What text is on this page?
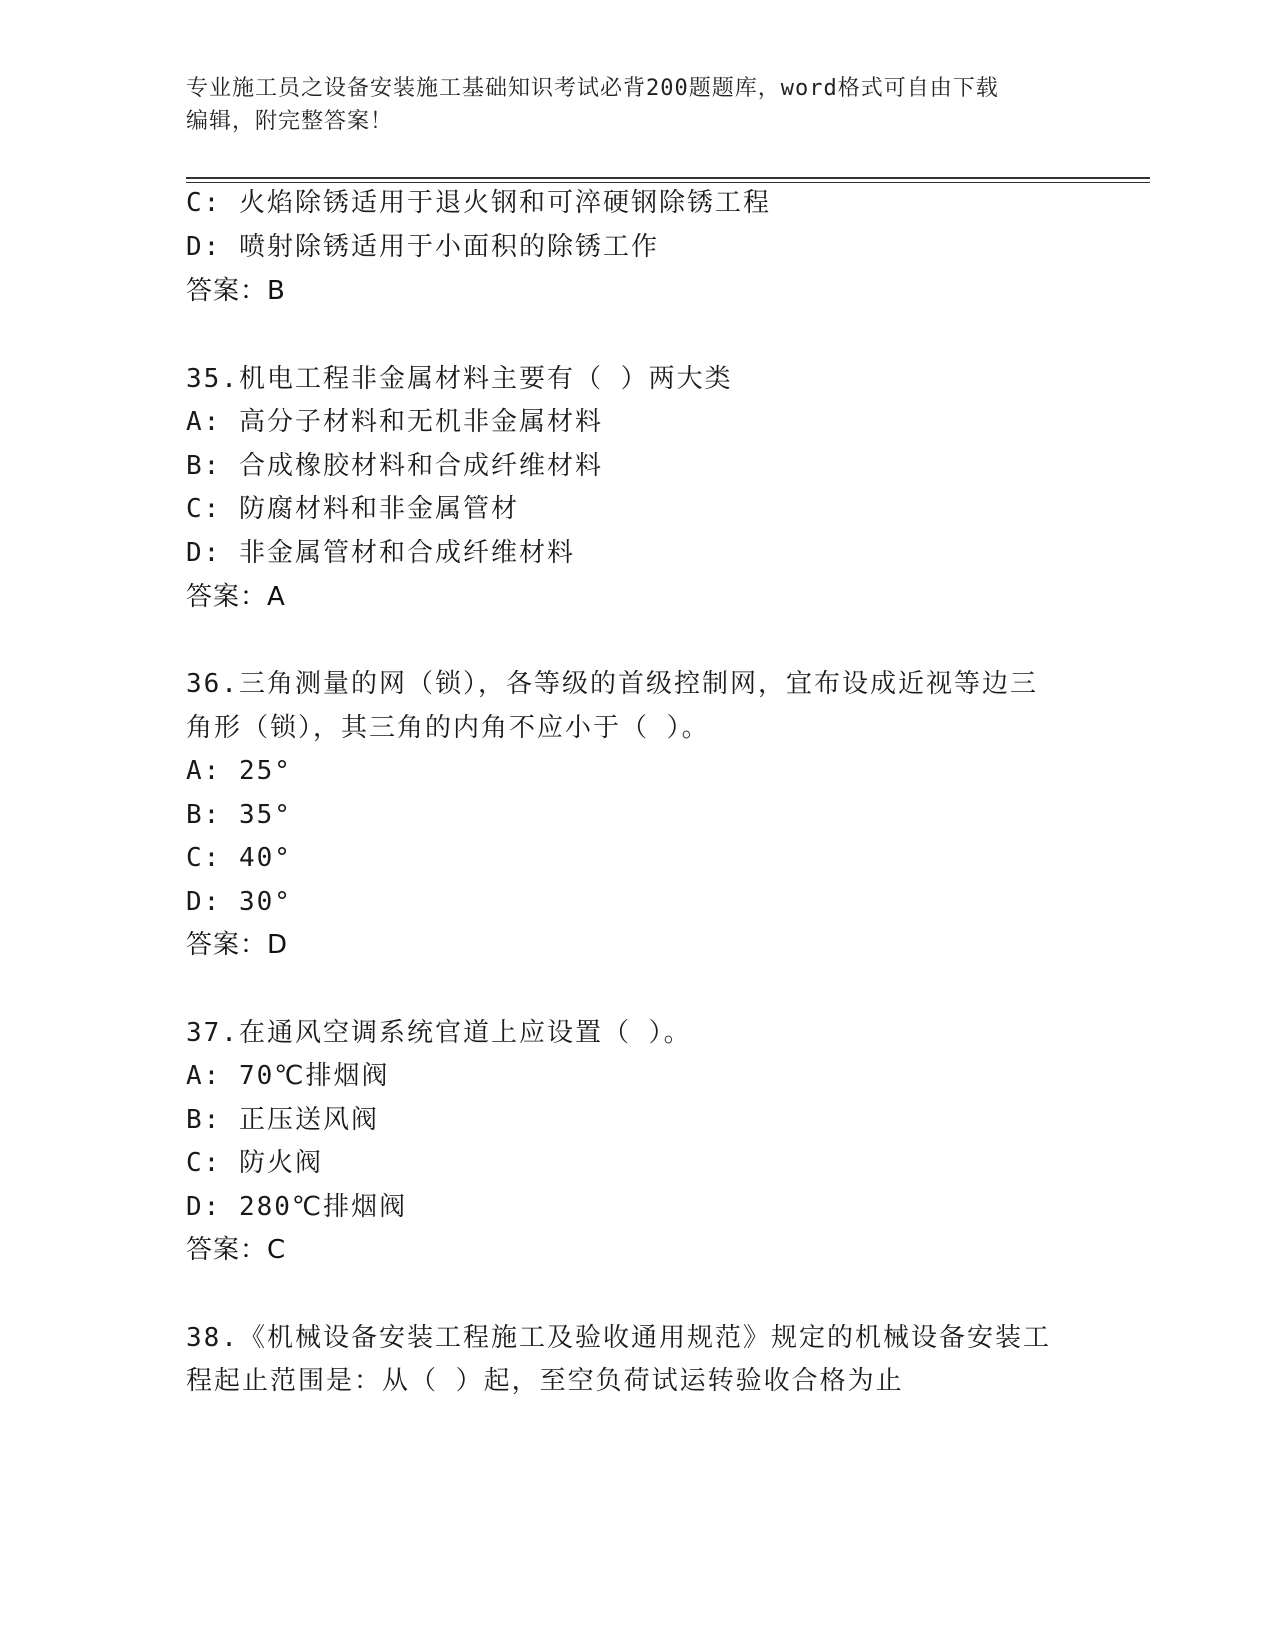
专业施工员之设备安装施工基础知识考试必背200题题库，word格式可自由下载
编辑，附完整答案！
C: 火焰除锈适用于退火钢和可淬硬钢除锈工程
D: 喷射除锈适用于小面积的除锈工作
答案：B
35.机电工程非金属材料主要有（ ）两大类
A: 高分子材料和无机非金属材料
B: 合成橡胶材料和合成纤维材料
C: 防腐材料和非金属管材
D: 非金属管材和合成纤维材料
答案：A
36.三角测量的网（锁），各等级的首级控制网，宜布设成近视等边三
角形（锁），其三角的内角不应小于（ ）。
A: 25°
B: 35°
C: 40°
D: 30°
答案：D
37.在通风空调系统官道上应设置（ ）。
A: 70℃排烟阀
B: 正压送风阀
C: 防火阀
D: 280℃排烟阀
答案：C
38.《机械设备安装工程施工及验收通用规范》规定的机械设备安装工
程起止范围是：从（ ）起，至空负荷试运转验收合格为止
